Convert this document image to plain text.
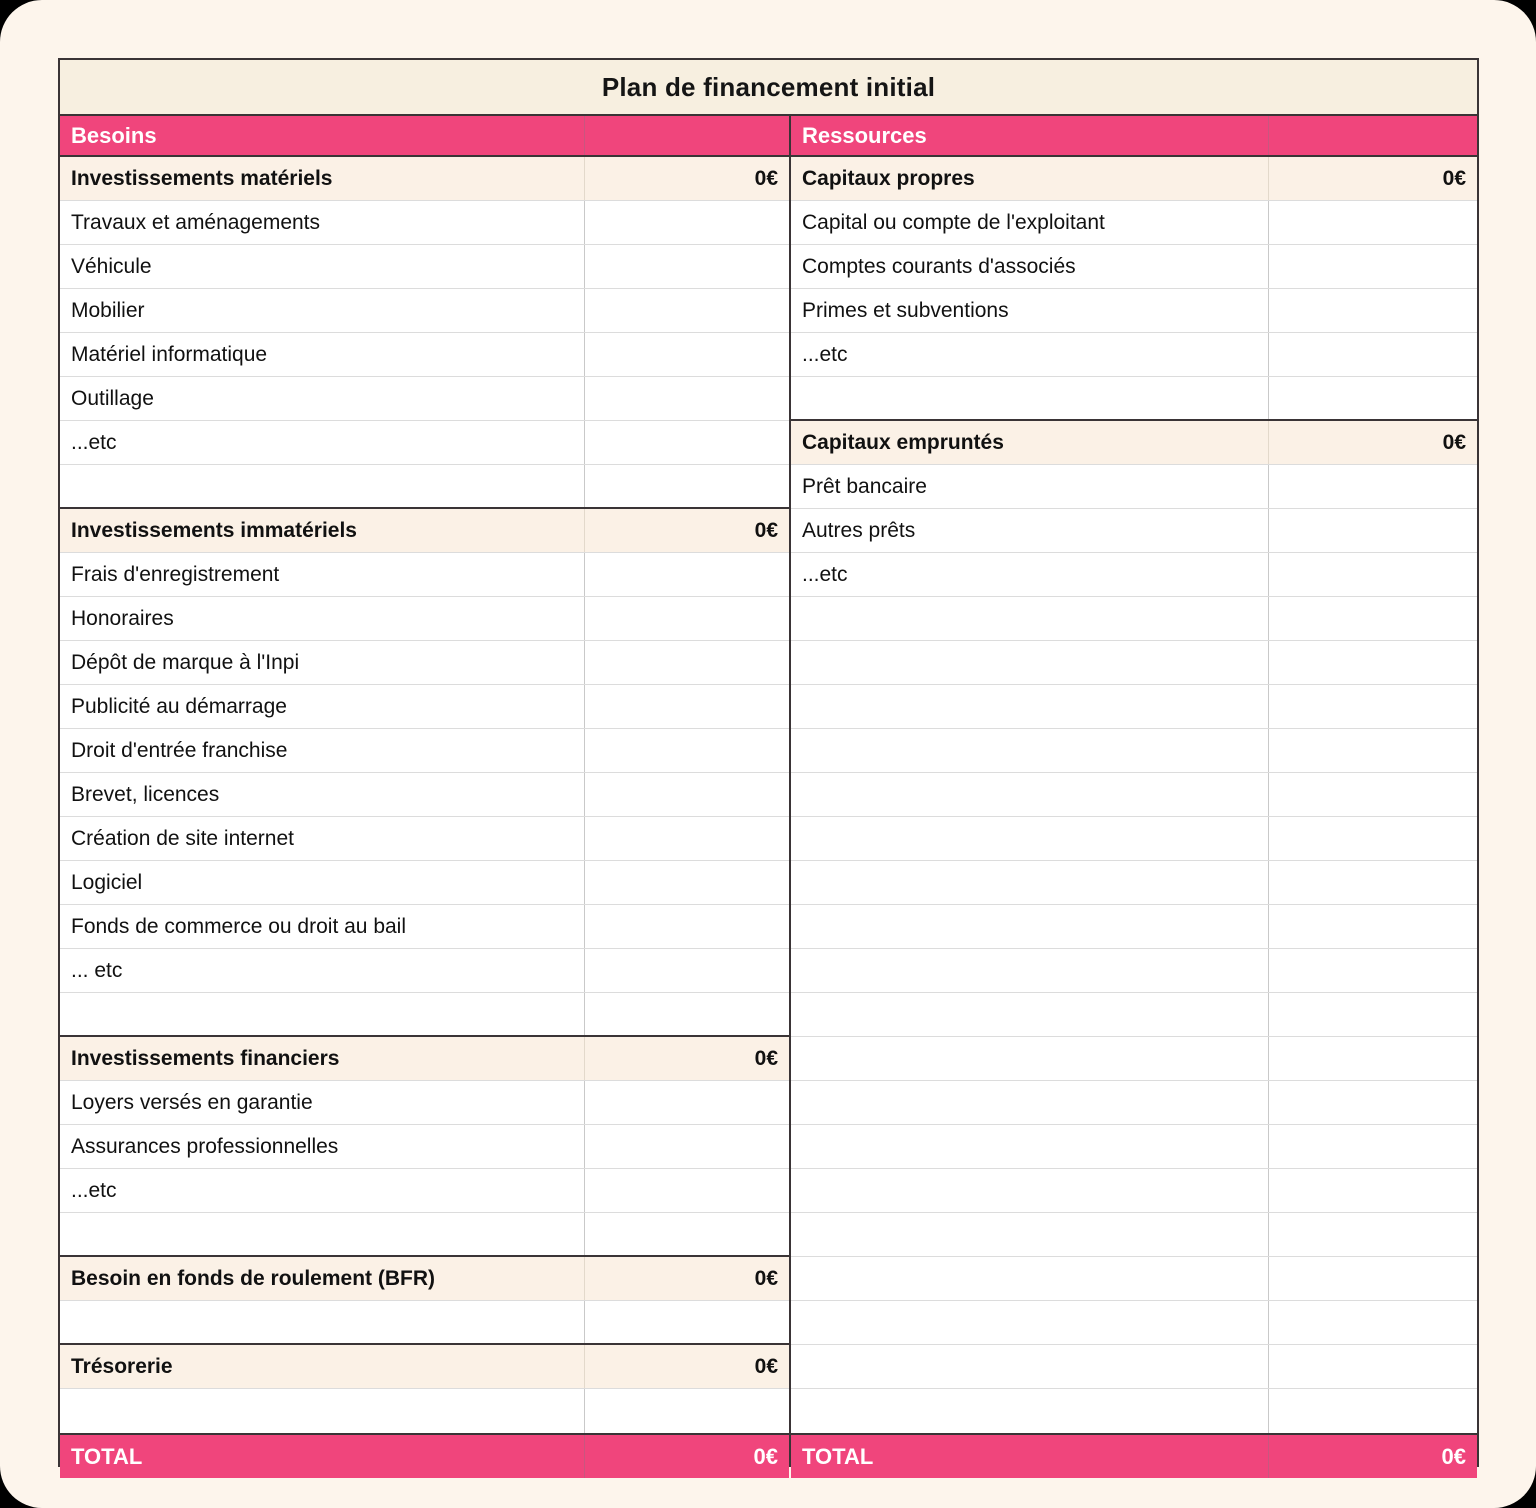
Plan de financement initial
Besoins
Investissements matériels	0€
Travaux et aménagements
Véhicule
Mobilier
Matériel informatique
Outillage
...etc
Investissements immatériels	0€
Frais d'enregistrement
Honoraires
Dépôt de marque à l'Inpi
Publicité au démarrage
Droit d'entrée franchise
Brevet, licences
Création de site internet
Logiciel
Fonds de commerce ou droit au bail
... etc
Investissements financiers	0€
Loyers versés en garantie
Assurances professionnelles
...etc
Besoin en fonds de roulement (BFR)	0€
Trésorerie	0€
TOTAL	0€
Ressources
Capitaux propres	0€
Capital ou compte de l'exploitant
Comptes courants d'associés
Primes et subventions
...etc
Capitaux empruntés	0€
Prêt bancaire
Autres prêts
...etc
TOTAL	0€
